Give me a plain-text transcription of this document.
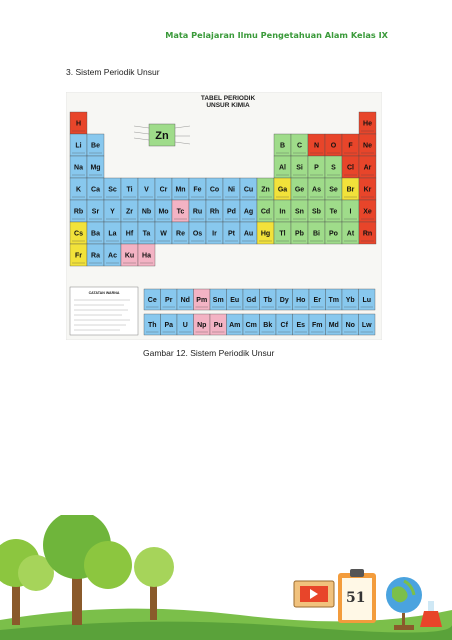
Mata Pelajaran Ilmu Pengetahuan Alam Kelas IX
3. Sistem Periodik Unsur
TABEL PERIODIK
UNSUR KIMIA
Zn
H	He
Li Be	B C N O F Ne
Na Mg	Al Si P S Cl Ar
K Ca Sc Ti V Cr Mn Fe Co Ni Cu Zn Ga Ge As Se Br Kr
Rb Sr Y Zr Nb Mo Tc Ru Rh Pd Ag Cd In Sn Sb Te I Xe
Cs Ba La Hf Ta W Re Os Ir Pt Au Hg Tl Pb Bi Po At Rn
Fr Ra Ac Ku Ha
Ce Pr Nd Pm Sm Eu Gd Tb Dy Ho Er Tm Yb Lu
Th Pa U Np Pu Am Cm Bk Cf Es Fm Md No Lw
CATATAN WARNA
Gambar 12. Sistem Periodik Unsur
51
